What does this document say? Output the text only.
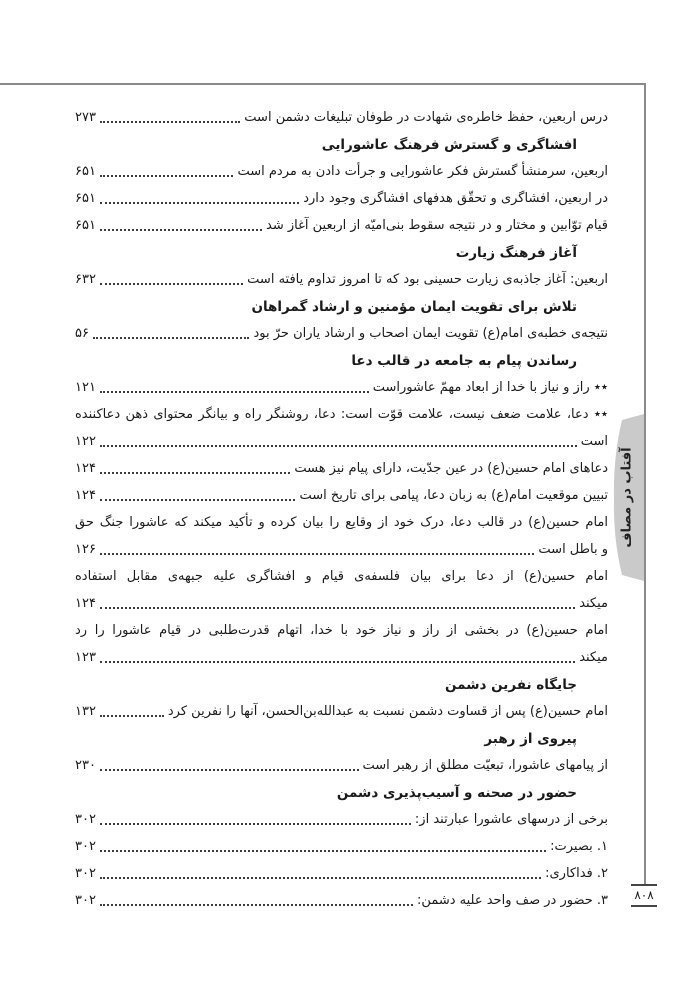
آفتاب در مصاف
درس اربعین، حفظ خاطره‌ی شهادت در طوفان تبلیغات دشمن است
۲۷۳
افشاگری و گسترش فرهنگ عاشورایی
اربعین، سرمنشأ گسترش فکر عاشورایی و جرأت دادن به مردم است
۶۵۱
در اربعین، افشاگری و تحقّق هدفهای افشاگری وجود دارد
۶۵۱
قیام توّابین و مختار و در نتیجه سقوط بنی‌امیّه از اربعین آغاز شد
۶۵۱
آغاز فرهنگ زیارت
اربعین: آغاز جاذبه‌ی زیارت حسینی بود که تا امروز تداوم یافته است
۶۳۲
تلاش برای تقویت ایمان مؤمنین و ارشاد گمراهان
نتیجه‌ی خطبه‌ی امام(ع) تقویت ایمان اصحاب و ارشاد یاران حرّ بود
۵۶
رساندن پیام به جامعه در قالب دعا
٭٭ راز و نیاز با خدا از ابعاد مهمّ عاشوراست
۱۲۱
٭٭ دعا، علامت ضعف نیست، علامت قوّت است: دعا، روشنگر راه و بیانگر محتوای ذهن دعاکننده
است
۱۲۲
دعاهای امام حسین(ع) در عین جدّیت، دارای پیام نیز هست
۱۲۴
تبیین موقعیت امام(ع) به زبان دعا، پیامی برای تاریخ است
۱۲۴
امام حسین(ع) در قالب دعا، درک خود از وقایع را بیان کرده و تأکید میکند که عاشورا جنگ حق
و باطل است
۱۲۶
امام حسین(ع) از دعا برای بیان فلسفه‌ی قیام و افشاگری علیه جبهه‌ی مقابل استفاده
میکند
۱۲۴
امام حسین(ع) در بخشی از راز و نیاز خود با خدا، اتهام قدرت‌طلبی در قیام عاشورا را رد
میکند
۱۲۳
جایگاه نفرین دشمن
امام حسین(ع) پس از قساوت دشمن نسبت به عبدالله‌بن‌الحسن، آنها را نفرین کرد
۱۳۲
پیروی از رهبر
از پیامهای عاشورا، تبعیّت مطلق از رهبر است
۲۳۰
حضور در صحنه و آسیب‌پذیری دشمن
برخی از درسهای عاشورا عبارتند از:
۳۰۲
۱. بصیرت:
۳۰۲
۲. فداکاری:
۳۰۲
۳. حضور در صف واحد علیه دشمن:
۳۰۲	۸۰۸
